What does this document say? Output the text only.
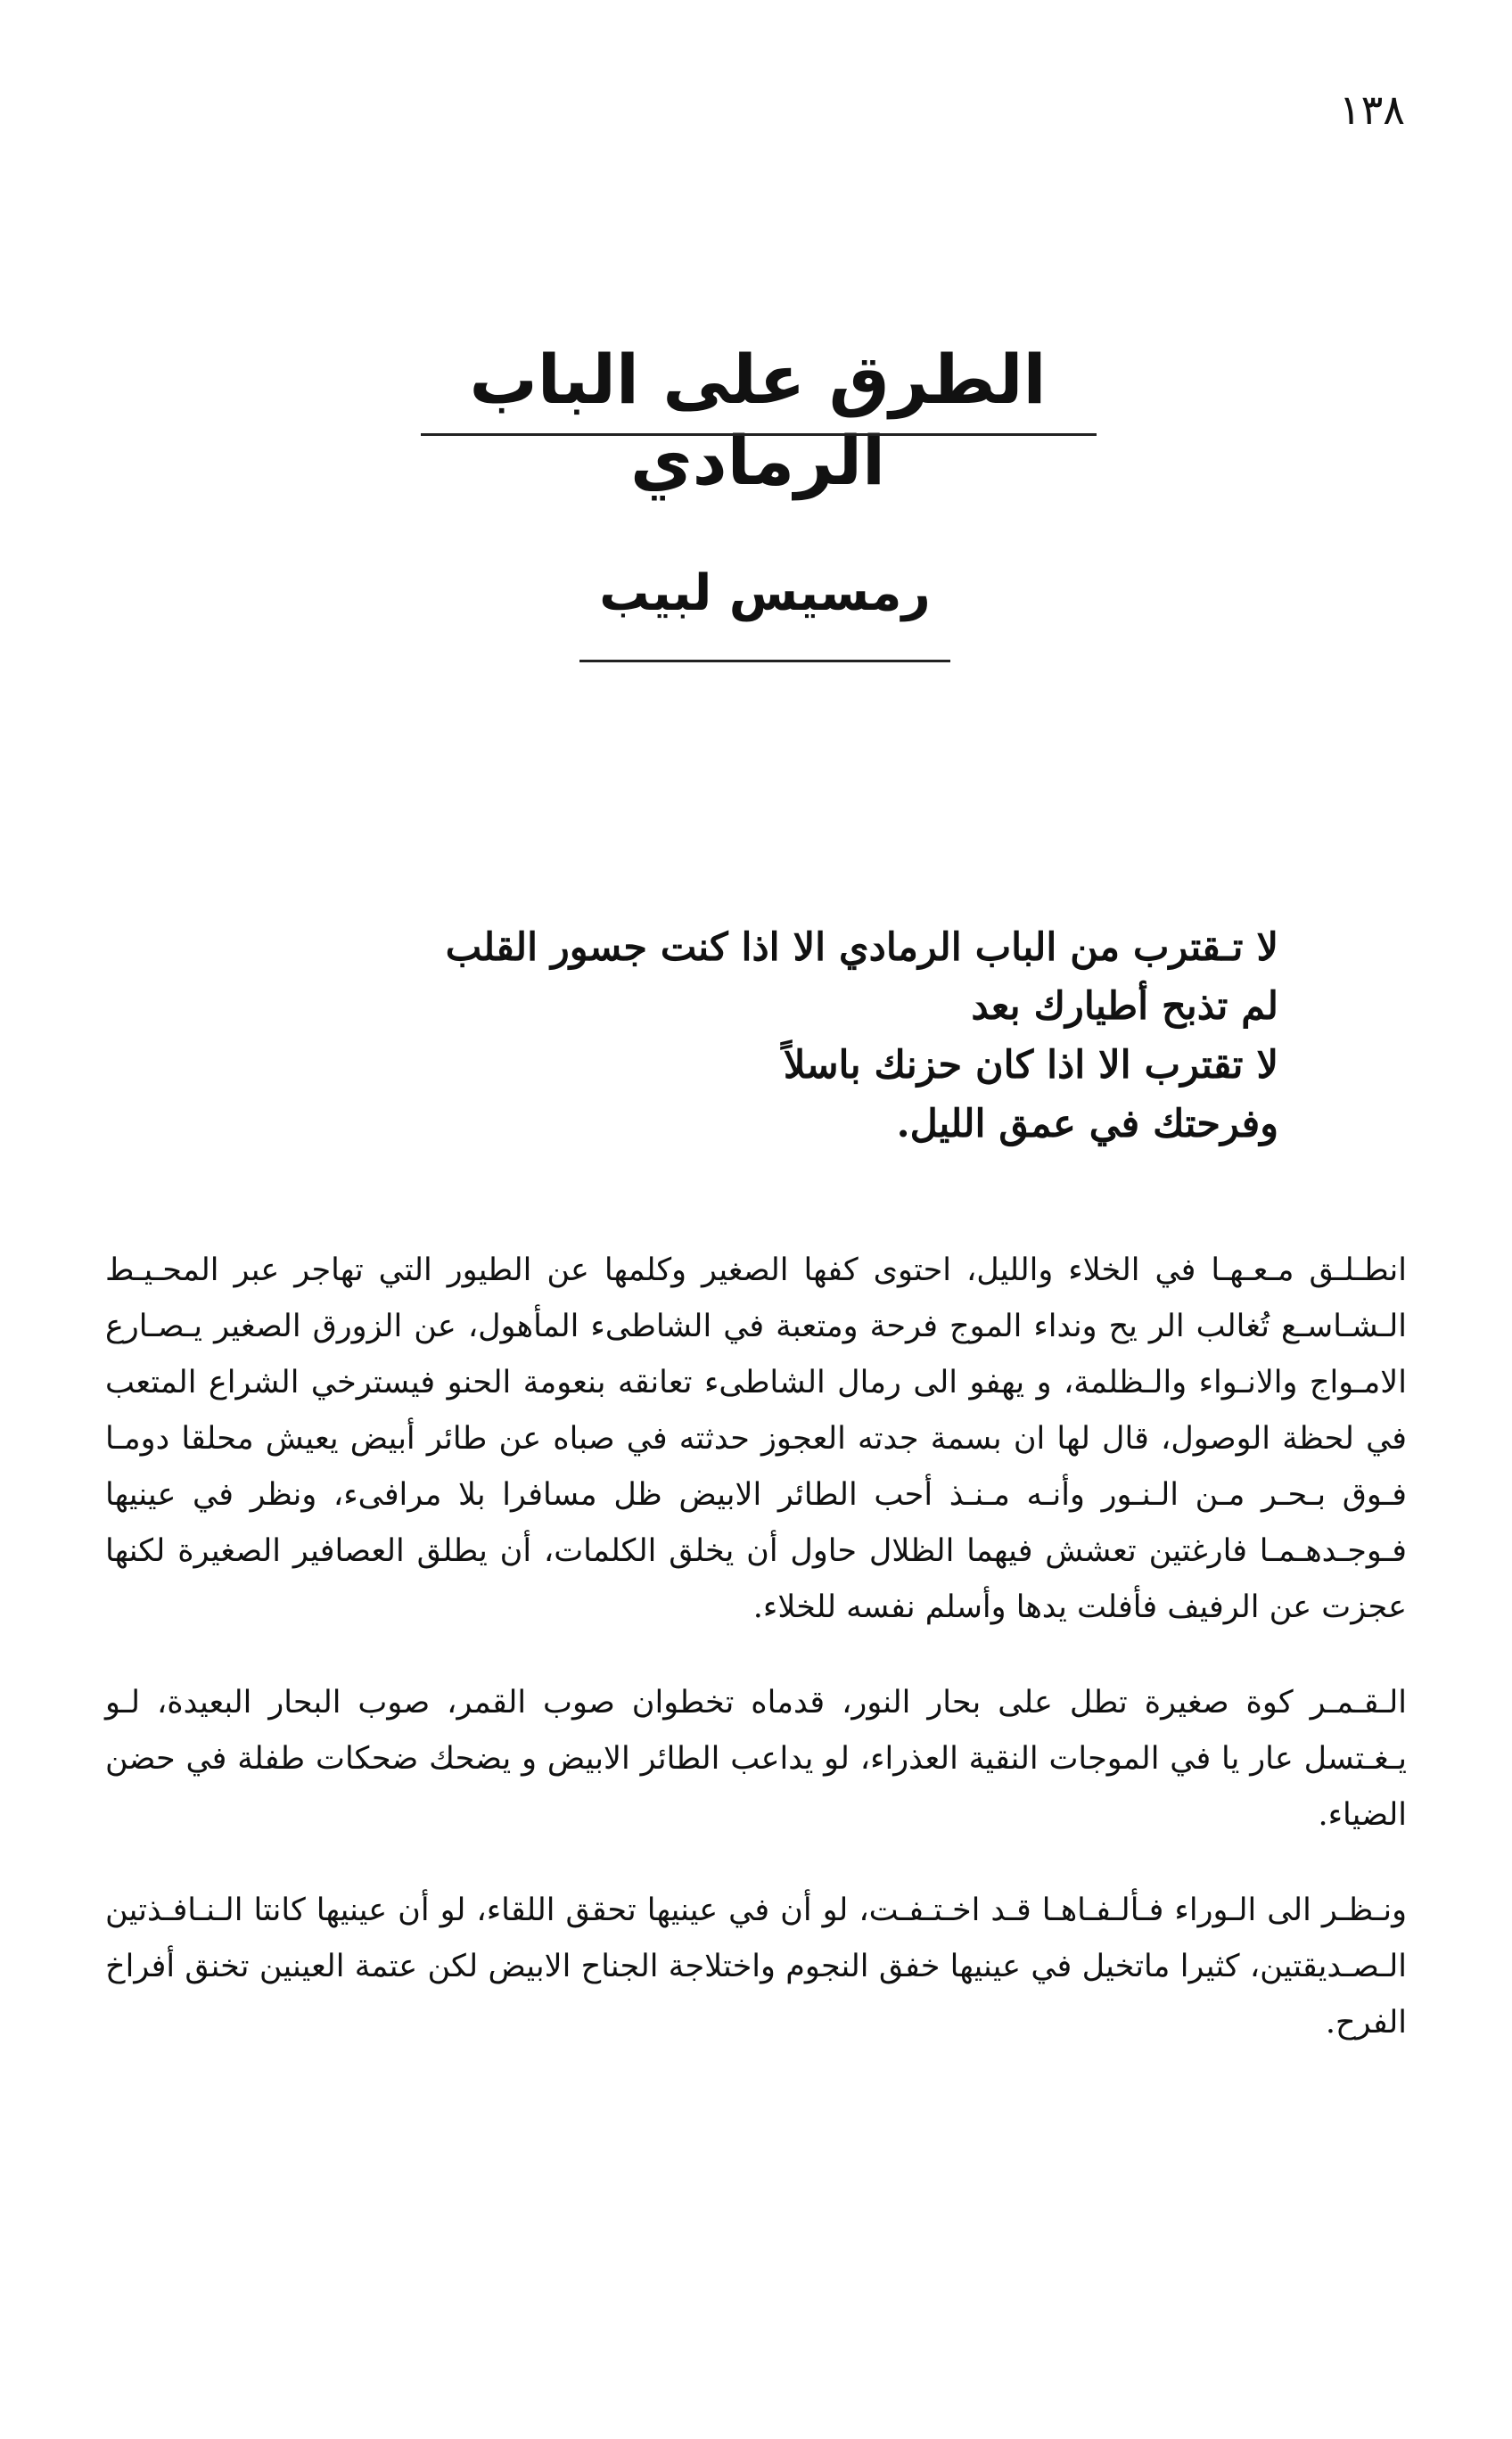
١٣٨
الطرق على الباب الرمادي
رمسيس لبيب
لا تـقترب من الباب الرمادي الا اذا كنت جسور القلب
لم تذبح أطيارك بعد
لا تقترب الا اذا كان حزنك باسلاً
وفرحتك في عمق الليل.

انطـلـق مـعـهـا في الخلاء والليل، احتوى كفها الصغير وكلمها عن الطيور التي تهاجر عبر المحـيـط الـشـاسـع تُغالب الر يح ونداء الموج فرحة ومتعبة في الشاطىء المأهول، عن الزورق الصغير يـصـارع الامـواج والانـواء والـظلمة، و يهفو الى رمال الشاطىء تعانقه بنعومة الحنو فيسترخي الشراع المتعب في لحظة الوصول، قال لها ان بسمة جدته العجوز حدثته في صباه عن طائر أبيض يعيش محلقا دومـا فـوق بـحـر مـن الـنـور وأنـه مـنـذ أحب الطائر الابيض ظل مسافرا بلا مرافىء، ونظر في عينيها فـوجـدهـمـا فارغتين تعشش فيهما الظلال حاول أن يخلق الكلمات، أن يطلق العصافير الصغيرة لكنها عجزت عن الرفيف فأفلت يدها وأسلم نفسه للخلاء.

الـقـمـر كوة صغيرة تطل على بحار النور، قدماه تخطوان صوب القمر، صوب البحار البعيدة، لـو يـغـتسل عار يا في الموجات النقية العذراء، لو يداعب الطائر الابيض و يضحك ضحكات طفلة في حضن الضياء.

ونـظـر الى الـوراء فـألـفـاهـا قـد اخـتـفـت، لو أن في عينيها تحقق اللقاء، لو أن عينيها كانتا الـنـافـذتين الـصـديقتين، كثيرا ماتخيل في عينيها خفق النجوم واختلاجة الجناح الابيض لكن عتمة العينين تخنق أفراخ الفرح.
